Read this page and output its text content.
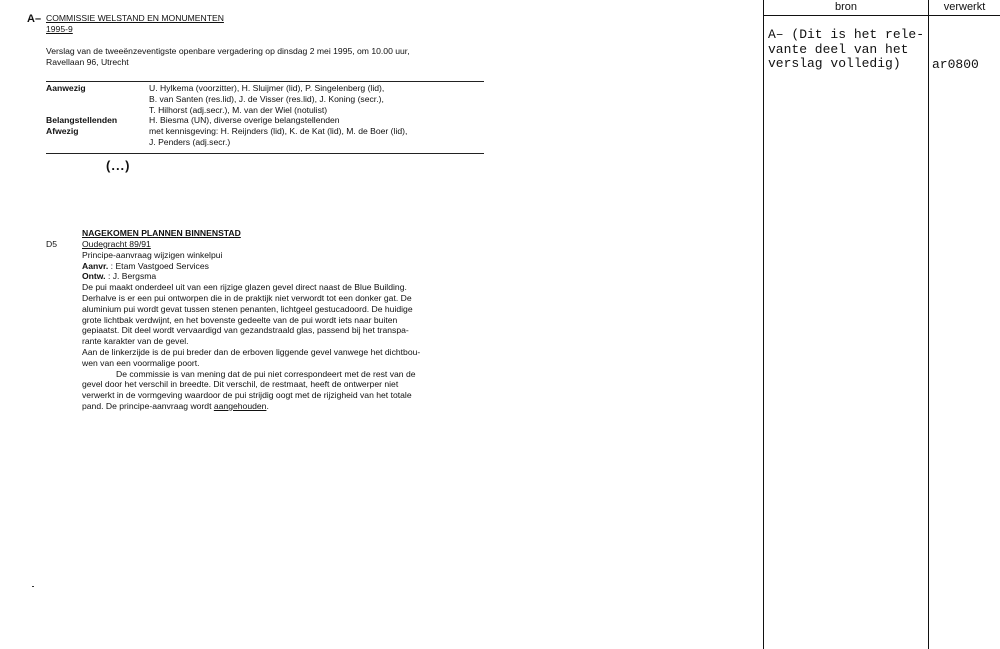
A– COMMISSIE WELSTAND EN MONUMENTEN
1995-9
Verslag van de tweeënzeventigste openbare vergadering op dinsdag 2 mei 1995, om 10.00 uur,
Ravellaan 96, Utrecht
Aanwezig	U. Hylkema (voorzitter), H. Sluijmer (lid), P. Singelenberg (lid),
B. van Santen (res.lid), J. de Visser (res.lid), J. Koning (secr.),
T. Hilhorst (adj.secr.), M. van der Wiel (notulist)
Belangstellenden	H. Biesma (UN), diverse overige belangstellenden
Afwezig	met kennisgeving: H. Reijnders (lid), K. de Kat (lid), M. de Boer (lid),
J. Penders (adj.secr.)
(...)
NAGEKOMEN PLANNEN BINNENSTAD
D5	Oudegracht 89/91
Principe-aanvraag wijzigen winkelpui
Aanvr. : Etam Vastgoed Services
Ontw. : J. Bergsma
De pui maakt onderdeel uit van een rijzige glazen gevel direct naast de Blue Building.
Derhalve is er een pui ontworpen die in de praktijk niet verwordt tot een donker gat. De
aluminium pui wordt gevat tussen stenen penanten, lichtgeel gestucadoord. De huidige
grote lichtbak verdwijnt, en het bovenste gedeelte van de pui wordt iets naar buiten
gepiaatst. Dit deel wordt vervaardigd van gezandstraald glas, passend bij het transpa-
rante karakter van de gevel.
Aan de linkerzijde is de pui breder dan de erboven liggende gevel vanwege het dichtbou-
wen van een voormalige poort.
De commissie is van mening dat de pui niet correspondeert met de rest van de
gevel door het verschil in breedte. Dit verschil, de restmaat, heeft de ontwerper niet
verwerkt in de vormgeving waardoor de pui strijdig oogt met de rijzigheid van het totale
pand. De principe-aanvraag wordt aangehouden.
bron	verwerkt
A– (Dit is het rele-
vante deel van het
verslag volledig)	ar0800
